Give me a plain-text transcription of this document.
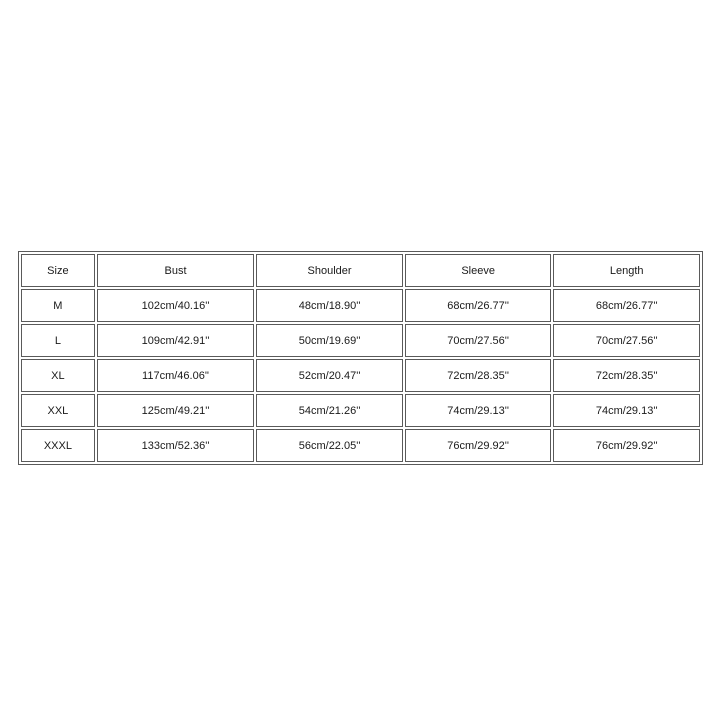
Size	Bust	Shoulder	Sleeve	Length
M	102cm/40.16''	48cm/18.90''	68cm/26.77''	68cm/26.77''
L	109cm/42.91''	50cm/19.69''	70cm/27.56''	70cm/27.56''
XL	117cm/46.06''	52cm/20.47''	72cm/28.35''	72cm/28.35''
XXL	125cm/49.21''	54cm/21.26''	74cm/29.13''	74cm/29.13''
XXXL	133cm/52.36''	56cm/22.05''	76cm/29.92''	76cm/29.92''
